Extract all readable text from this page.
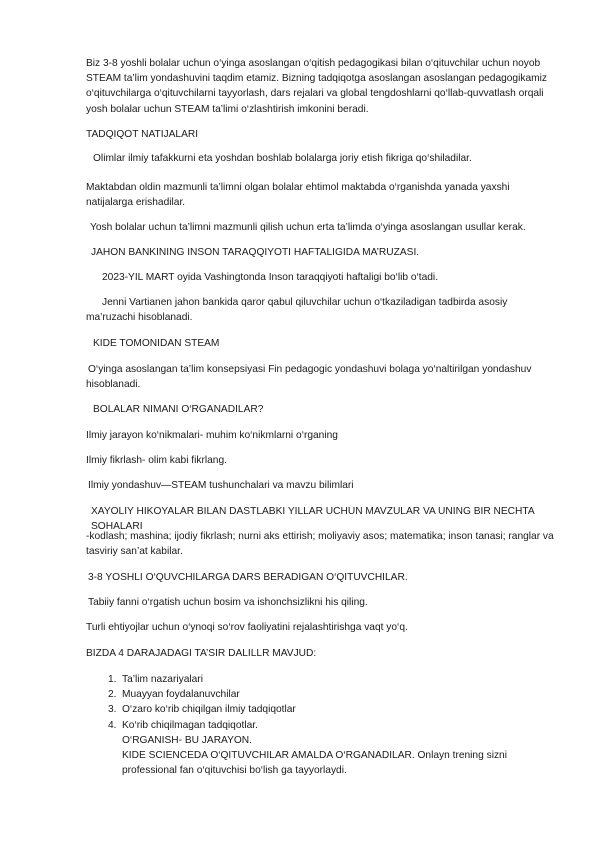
Biz 3-8 yoshli bolalar uchun o‘yinga asoslangan o‘qitish pedagogikasi bilan o‘qituvchilar uchun noyob STEAM ta’lim yondashuvini taqdim etamiz. Bizning tadqiqotga asoslangan asoslangan pedagogikamiz o‘qituvchilarga o‘qituvchilarni tayyorlash, dars rejalari va global tengdoshlarni qo‘llab-quvvatlash orqali yosh bolalar uchun STEAM ta’limi o‘zlashtirish imkonini beradi.

TADQIQOT NATIJALARI

Olimlar ilmiy tafakkurni eta yoshdan boshlab bolalarga joriy etish fikriga qo‘shiladilar.

Maktabdan oldin mazmunli ta’limni olgan bolalar ehtimol maktabda o‘rganishda yanada yaxshi natijalarga erishadilar.

Yosh bolalar uchun ta’limni mazmunli qilish uchun erta ta’limda o‘yinga asoslangan usullar kerak.

JAHON BANKINING INSON TARAQQIYOTI HAFTALIGIDA MA’RUZASI.

2023-YIL MART oyida Vashingtonda Inson taraqqiyoti haftaligi bo‘lib o‘tadi.

Jenni Vartianen jahon bankida qaror qabul qiluvchilar uchun o‘tkaziladigan tadbirda asosiy ma’ruzachi hisoblanadi.

KIDE TOMONIDAN STEAM

O‘yinga asoslangan ta’lim konsepsiyasi Fin pedagogic yondashuvi bolaga yo‘naltirilgan yondashuv hisoblanadi.

BOLALAR NIMANI O‘RGANADILAR?

Ilmiy jarayon ko‘nikmalari- muhim ko‘nikmlarni o‘rganing

Ilmiy fikrlash- olim kabi fikrlang.

Ilmiy yondashuv—STEAM tushunchalari va mavzu bilimlari

XAYOLIY HIKOYALAR BILAN DASTLABKI YILLAR UCHUN MAVZULAR VA UNING BIR NECHTA SOHALARI

-kodlash; mashina; ijodiy fikrlash; nurni aks ettirish; moliyaviy asos; matematika; inson tanasi; ranglar va tasviriy san’at kabilar.

3-8 YOSHLI O‘QUVCHILARGA DARS BERADIGAN O‘QITUVCHILAR.

Tabiiy fanni o‘rgatish uchun bosim va ishonchsizlikni his qiling.

Turli ehtiyojlar uchun o‘ynoqi so‘rov faoliyatini rejalashtirishga vaqt yo‘q.

BIZDA 4 DARAJADAGI TA’SIR DALILLR MAVJUD:

1. Ta’lim nazariyalari
2. Muayyan foydalanuvchilar
3. O‘zaro ko‘rib chiqilgan ilmiy tadqiqotlar
4. Ko‘rib chiqilmagan tadqiqotlar.

O‘RGANISH- BU JARAYON.

KIDE SCIENCEDA O‘QITUVCHILAR AMALDA O‘RGANADILAR. Onlayn trening sizni professional fan o‘qituvchisi bo‘lish ga tayyorlaydi.
